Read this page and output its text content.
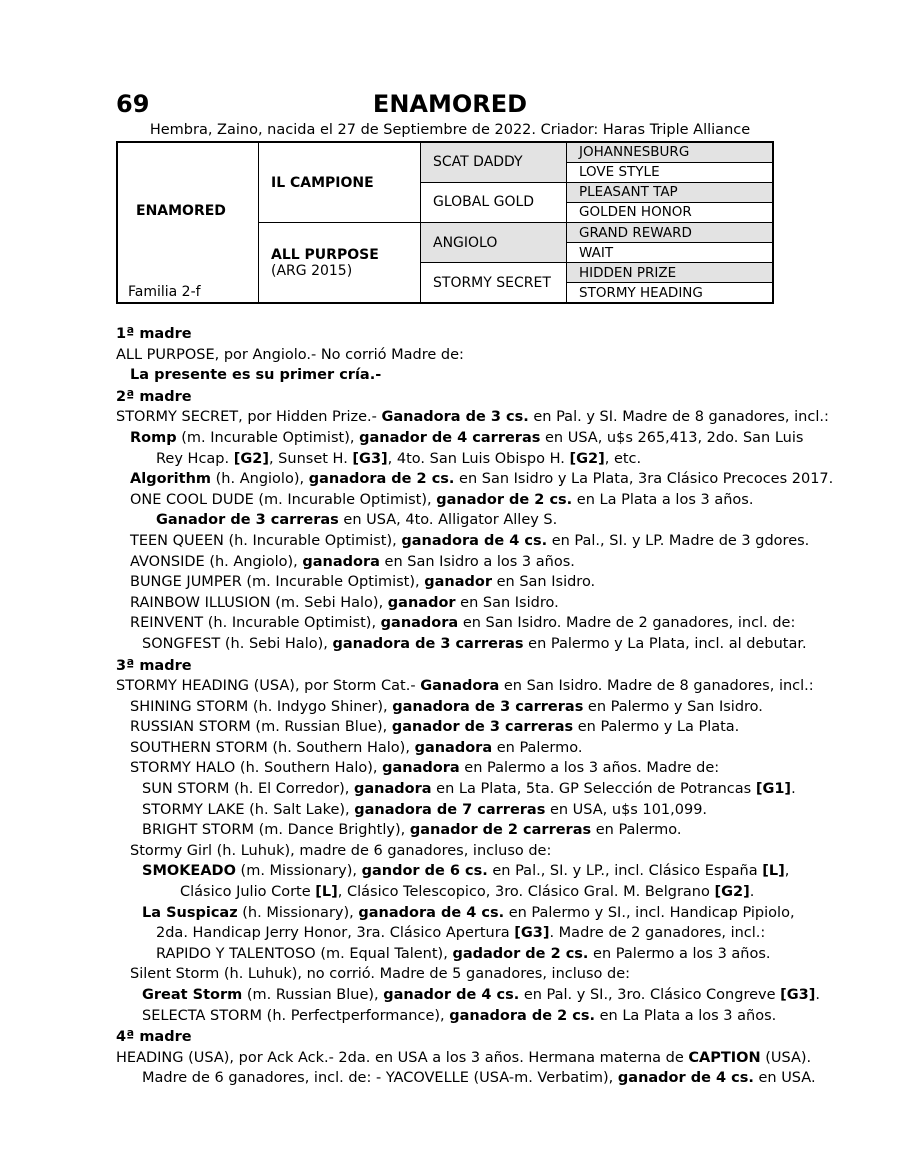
69	ENAMORED
Hembra, Zaino, nacida el 27 de Septiembre de 2022. Criador: Haras Triple Alliance
ENAMORED
Familia 2-f	IL CAMPIONE	SCAT DADDY	JOHANNESBURG
			LOVE STYLE
		GLOBAL GOLD	PLEASANT TAP
			GOLDEN HONOR

	ALL PURPOSE
(ARG 2015)	ANGIOLO	GRAND REWARD
			WAIT
		STORMY SECRET	HIDDEN PRIZE
			STORMY HEADING
1ª madre
ALL PURPOSE, por Angiolo.- No corrió Madre de:
La presente es su primer cría.-
2ª madre
STORMY SECRET, por Hidden Prize.- Ganadora de 3 cs. en Pal. y SI. Madre de 8 ganadores, incl.:
Romp (m. Incurable Optimist), ganador de 4 carreras en USA, u$s 265,413, 2do. San Luis
Rey Hcap. [G2], Sunset H. [G3], 4to. San Luis Obispo H. [G2], etc.
Algorithm (h. Angiolo), ganadora de 2 cs. en San Isidro y La Plata, 3ra Clásico Precoces 2017.
ONE COOL DUDE (m. Incurable Optimist), ganador de 2 cs. en La Plata a los 3 años.
Ganador de 3 carreras en USA, 4to. Alligator Alley S.
TEEN QUEEN (h. Incurable Optimist), ganadora de 4 cs. en Pal., SI. y LP. Madre de 3 gdores.
AVONSIDE (h. Angiolo), ganadora en San Isidro a los 3 años.
BUNGE JUMPER (m. Incurable Optimist), ganador en San Isidro.
RAINBOW ILLUSION (m. Sebi Halo), ganador en San Isidro.
REINVENT (h. Incurable Optimist), ganadora en San Isidro. Madre de 2 ganadores, incl. de:
SONGFEST (h. Sebi Halo), ganadora de 3 carreras en Palermo y La Plata, incl. al debutar.
3ª madre
STORMY HEADING (USA), por Storm Cat.- Ganadora en San Isidro. Madre de 8 ganadores, incl.:
SHINING STORM (h. Indygo Shiner), ganadora de 3 carreras en Palermo y San Isidro.
RUSSIAN STORM (m. Russian Blue), ganador de 3 carreras en Palermo y La Plata.
SOUTHERN STORM (h. Southern Halo), ganadora en Palermo.
STORMY HALO (h. Southern Halo), ganadora en Palermo a los 3 años. Madre de:
SUN STORM (h. El Corredor), ganadora en La Plata, 5ta. GP Selección de Potrancas [G1].
STORMY LAKE (h. Salt Lake), ganadora de 7 carreras en USA, u$s 101,099.
BRIGHT STORM (m. Dance Brightly), ganador de 2 carreras en Palermo.
Stormy Girl (h. Luhuk), madre de 6 ganadores, incluso de:
SMOKEADO (m. Missionary), gandor de 6 cs. en Pal., SI. y LP., incl. Clásico España [L],
Clásico Julio Corte [L], Clásico Telescopico, 3ro. Clásico Gral. M. Belgrano [G2].
La Suspicaz (h. Missionary), ganadora de 4 cs. en Palermo y SI., incl. Handicap Pipiolo,
2da. Handicap Jerry Honor, 3ra. Clásico Apertura [G3]. Madre de 2 ganadores, incl.:
RAPIDO Y TALENTOSO (m. Equal Talent), gadador de 2 cs. en Palermo a los 3 años.
Silent Storm (h. Luhuk), no corrió. Madre de 5 ganadores, incluso de:
Great Storm (m. Russian Blue), ganador de 4 cs. en Pal. y SI., 3ro. Clásico Congreve [G3].
SELECTA STORM (h. Perfectperformance), ganadora de 2 cs. en La Plata a los 3 años.
4ª madre
HEADING (USA), por Ack Ack.- 2da. en USA a los 3 años. Hermana materna de CAPTION (USA).
Madre de 6 ganadores, incl. de: - YACOVELLE (USA-m. Verbatim), ganador de 4 cs. en USA.
